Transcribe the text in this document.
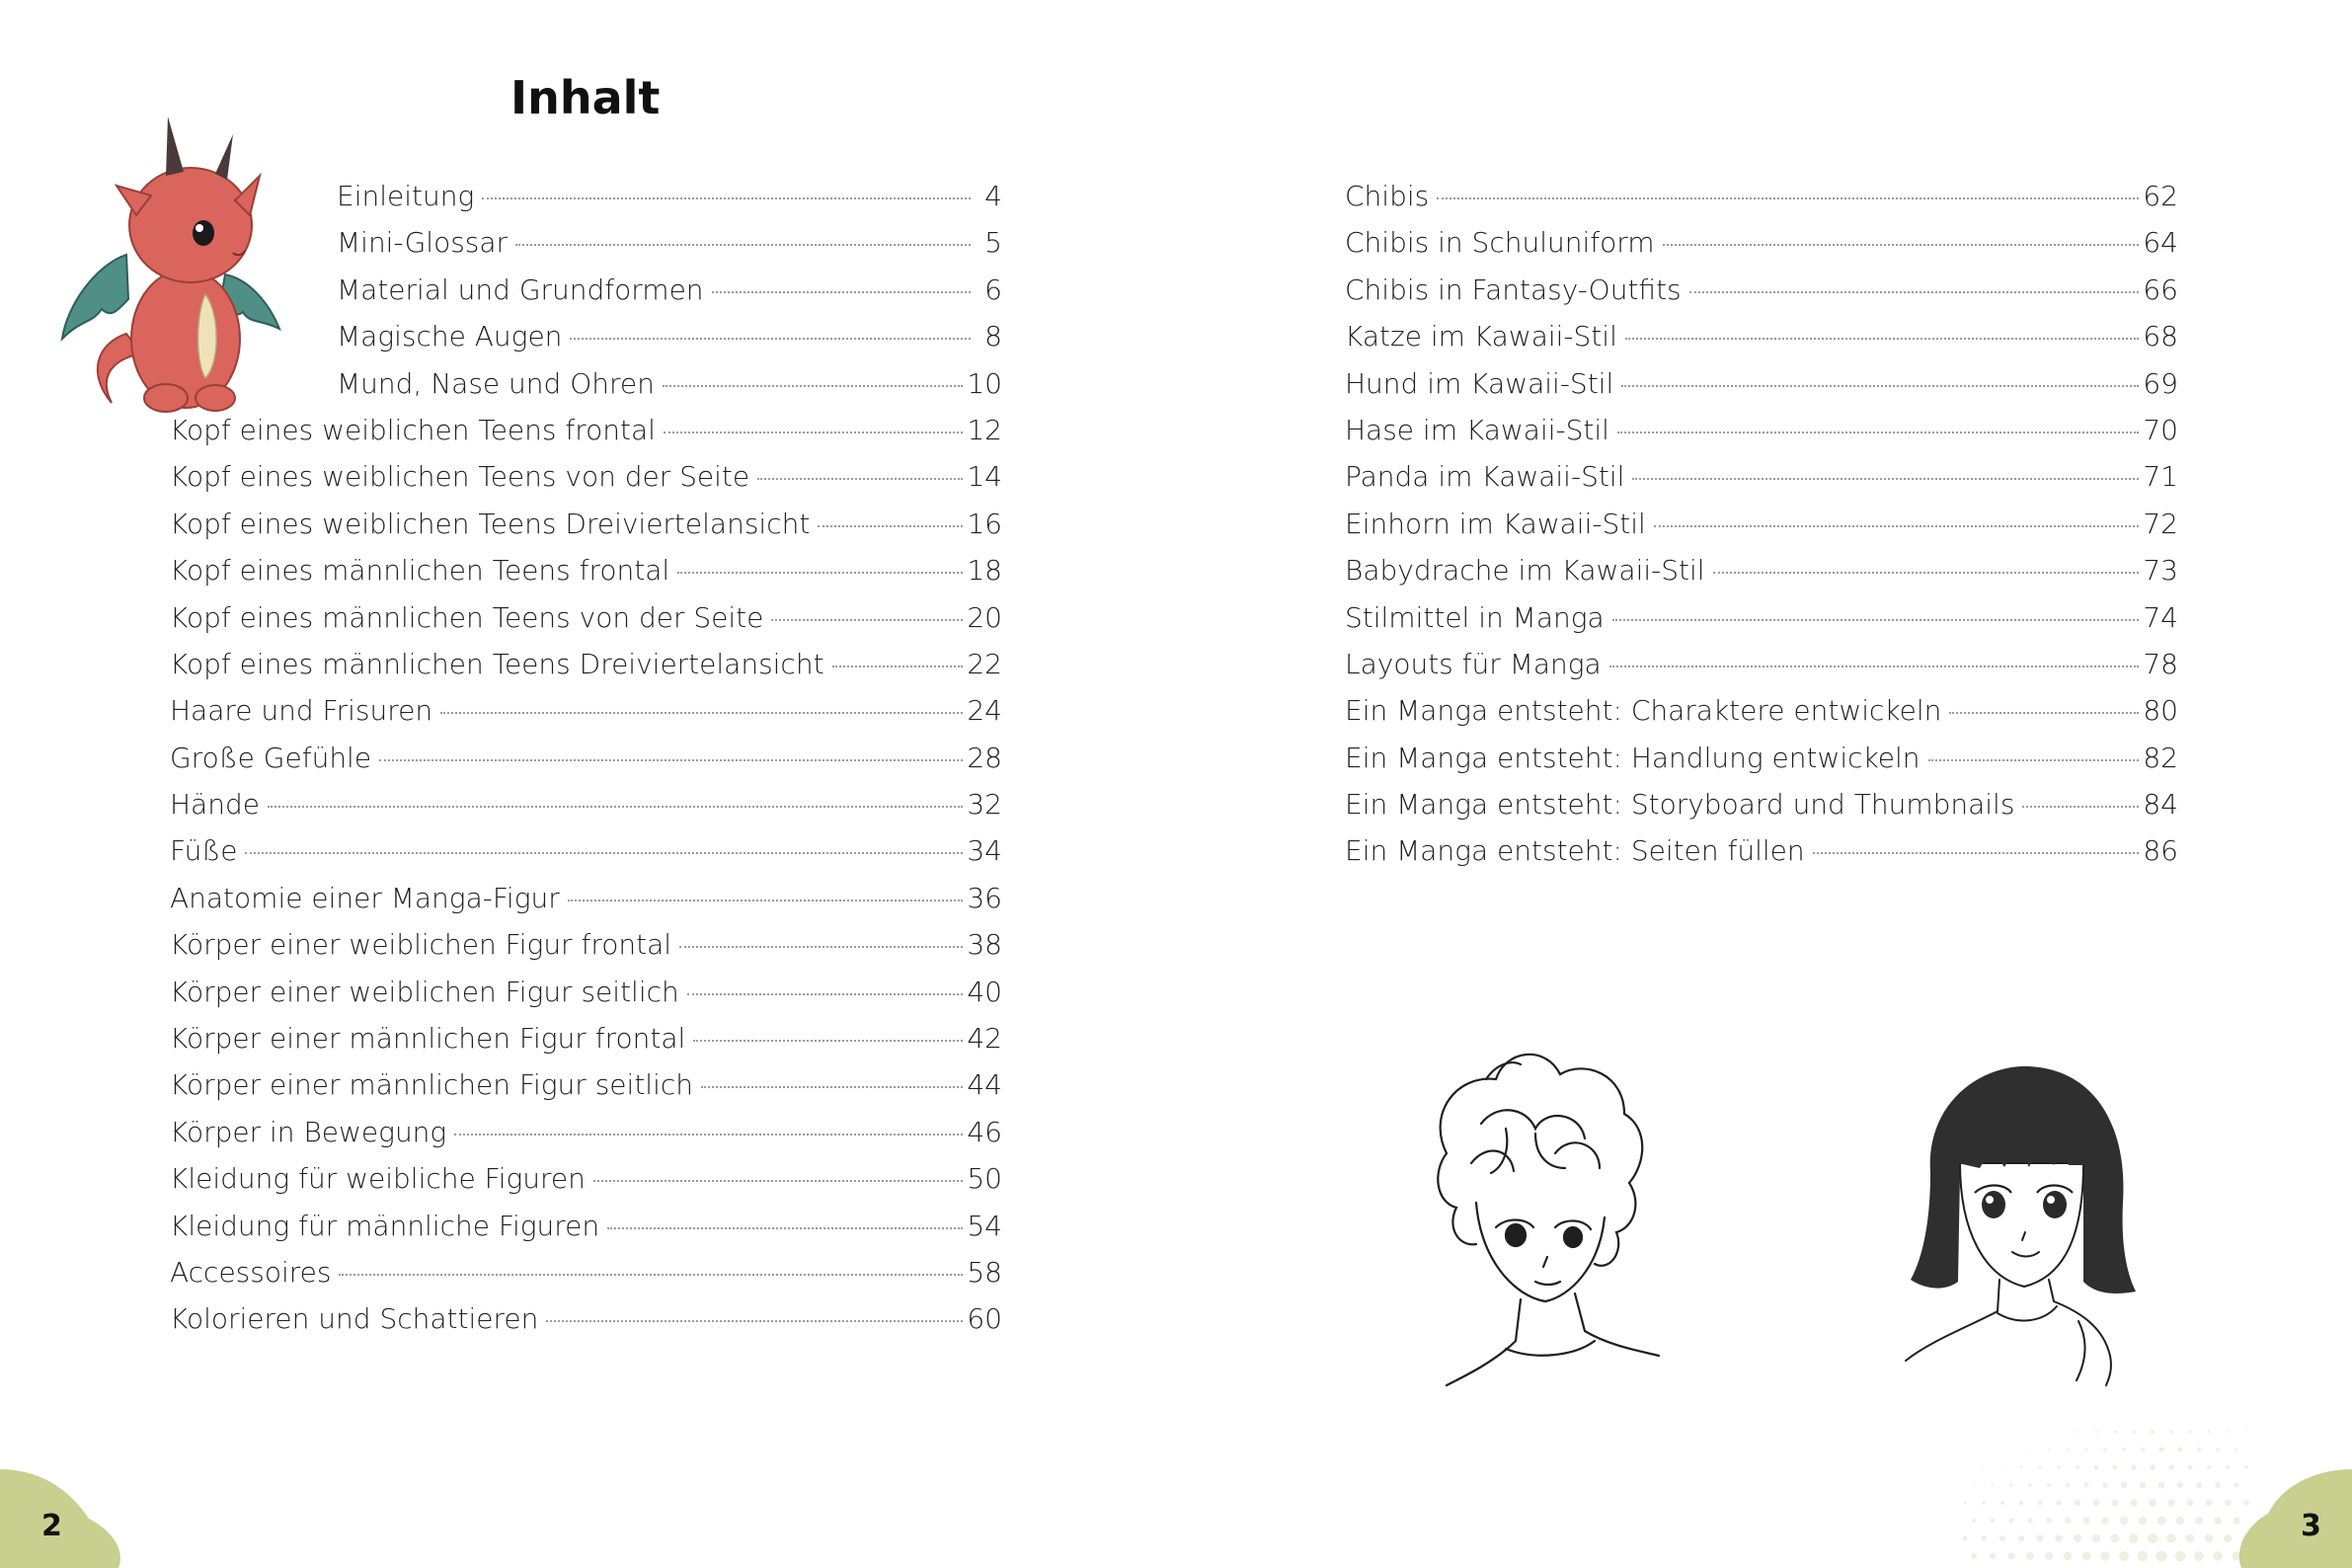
Inhalt
Einleitung	4
Mini-Glossar	5
Material und Grundformen	6
Magische Augen	8
Mund, Nase und Ohren	10
Kopf eines weiblichen Teens frontal	12
Kopf eines weiblichen Teens von der Seite	14
Kopf eines weiblichen Teens Dreiviertelansicht	16
Kopf eines männlichen Teens frontal	18
Kopf eines männlichen Teens von der Seite	20
Kopf eines männlichen Teens Dreiviertelansicht	22
Haare und Frisuren	24
Große Gefühle	28
Hände	32
Füße	34
Anatomie einer Manga-Figur	36
Körper einer weiblichen Figur frontal	38
Körper einer weiblichen Figur seitlich	40
Körper einer männlichen Figur frontal	42
Körper einer männlichen Figur seitlich	44
Körper in Bewegung	46
Kleidung für weibliche Figuren	50
Kleidung für männliche Figuren	54
Accessoires	58
Kolorieren und Schattieren	60
Chibis	62
Chibis in Schuluniform	64
Chibis in Fantasy-Outfits	66
Katze im Kawaii-Stil	68
Hund im Kawaii-Stil	69
Hase im Kawaii-Stil	70
Panda im Kawaii-Stil	71
Einhorn im Kawaii-Stil	72
Babydrache im Kawaii-Stil	73
Stilmittel in Manga	74
Layouts für Manga	78
Ein Manga entsteht: Charaktere entwickeln	80
Ein Manga entsteht: Handlung entwickeln	82
Ein Manga entsteht: Storyboard und Thumbnails	84
Ein Manga entsteht: Seiten füllen	86
2	3
